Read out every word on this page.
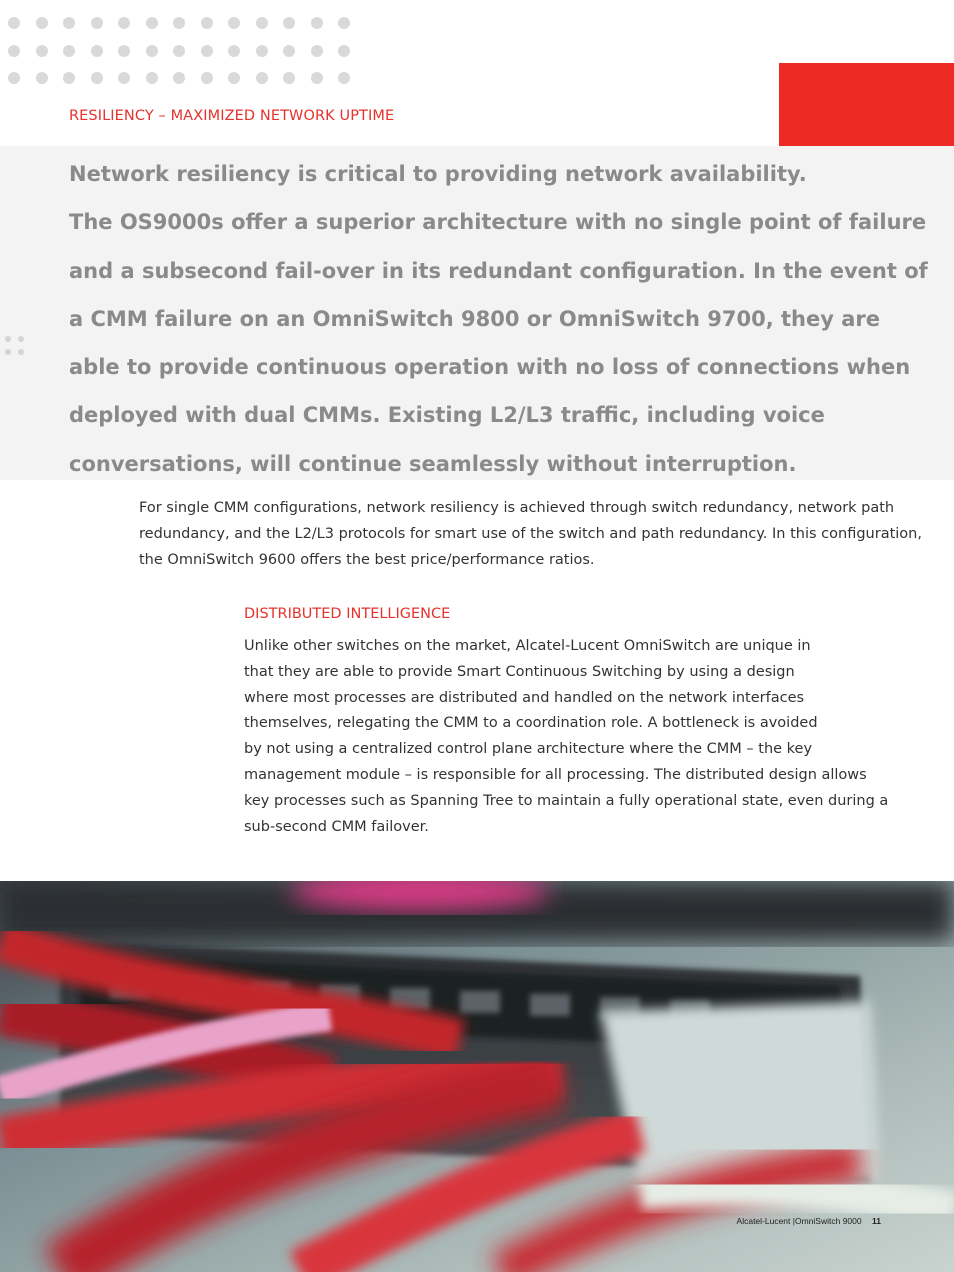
RESILIENCY – MAXIMIZED NETWORK UPTIME

Network resiliency is critical to providing network availability.
The OS9000s offer a superior architecture with no single point of failure
and a subsecond fail-over in its redundant configuration. In the event of
a CMM failure on an OmniSwitch 9800 or OmniSwitch 9700, they are
able to provide continuous operation with no loss of connections when
deployed with dual CMMs. Existing L2/L3 traffic, including voice
conversations, will continue seamlessly without interruption.

For single CMM configurations, network resiliency is achieved through switch redundancy, network path
redundancy, and the L2/L3 protocols for smart use of the switch and path redundancy. In this configuration,
the OmniSwitch 9600 offers the best price/performance ratios.

DISTRIBUTED INTELLIGENCE

Unlike other switches on the market, Alcatel-Lucent OmniSwitch are unique in
that they are able to provide Smart Continuous Switching by using a design
where most processes are distributed and handled on the network interfaces
themselves, relegating the CMM to a coordination role. A bottleneck is avoided
by not using a centralized control plane architecture where the CMM – the key
management module – is responsible for all processing. The distributed design allows
key processes such as Spanning Tree to maintain a fully operational state, even during a
sub-second CMM failover.

Alcatel-Lucent |OmniSwitch 9000 11
